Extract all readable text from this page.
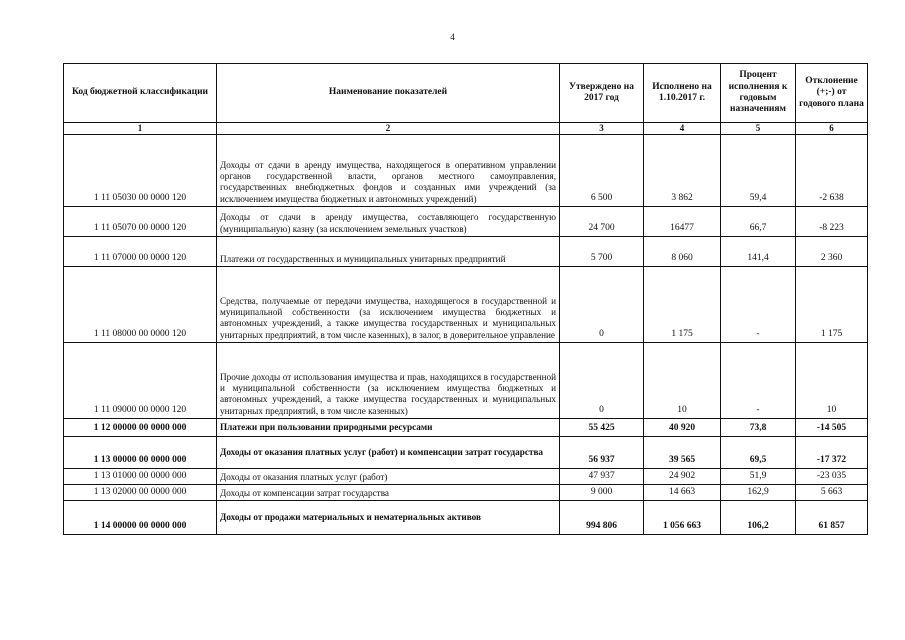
4
Код бюджетной классификации	Наименование показателей	Утверждено на 2017 год	Исполнено на 1.10.2017 г.	Процент исполнения к годовым назначениям	Отклонение (+;-) от годового плана
1	2	3	4	5	6
1 11 05030 00 0000 120	Доходы от сдачи в аренду имущества, находящегося в оперативном управлении органов государственной власти, органов местного самоуправления, государственных внебюджетных фондов и созданных ими учреждений (за исключением имущества бюджетных и автономных учреждений)	6 500	3 862	59,4	-2 638
1 11 05070 00 0000 120	Доходы от сдачи в аренду имущества, составляющего государственную (муниципальную) казну (за исключением земельных участков)	24 700	16477	66,7	-8 223
1 11 07000 00 0000 120	Платежи от государственных и муниципальных унитарных предприятий	5 700	8 060	141,4	2 360
1 11 08000 00 0000 120	Средства, получаемые от передачи имущества, находящегося в государственной и муниципальной собственности (за исключением имущества бюджетных и автономных учреждений, а также имущества государственных и муниципальных унитарных предприятий, в том числе казенных), в залог, в доверительное управление	0	1 175	-	1 175
1 11 09000 00 0000 120	Прочие доходы от использования имущества и прав, находящихся в государственной и муниципальной собственности (за исключением имущества бюджетных и автономных учреждений, а также имущества государственных и муниципальных унитарных предприятий, в том числе казенных)	0	10	-	10
1 12 00000 00 0000 000	Платежи при пользовании природными ресурсами	55 425	40 920	73,8	-14 505
1 13 00000 00 0000 000	Доходы от оказания платных услуг (работ) и компенсации затрат государства	56 937	39 565	69,5	-17 372
1 13 01000 00 0000 000	Доходы от оказания платных услуг (работ)	47 937	24 902	51,9	-23 035
1 13 02000 00 0000 000	Доходы от компенсации затрат государства	9 000	14 663	162,9	5 663
1 14 00000 00 0000 000	Доходы от продажи материальных и нематериальных активов	994 806	1 056 663	106,2	61 857
